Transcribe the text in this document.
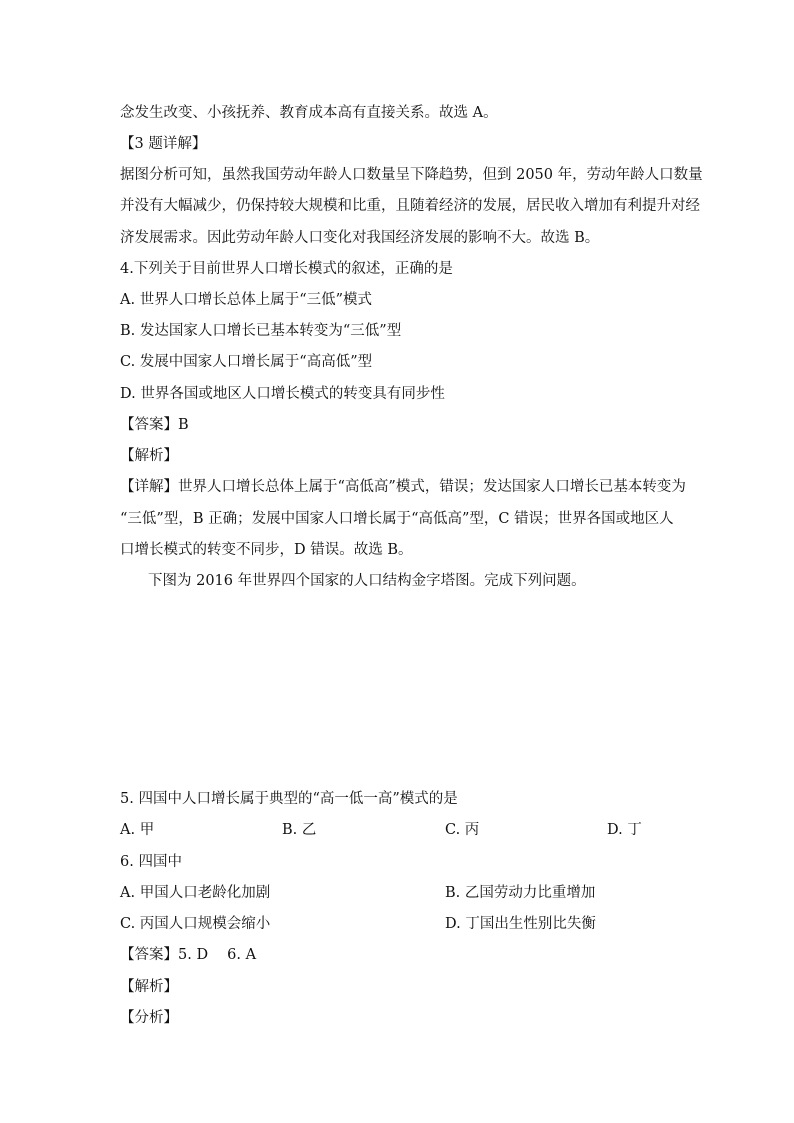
念发生改变、小孩抚养、教育成本高有直接关系。故选 A。
【3 题详解】
据图分析可知，虽然我国劳动年龄人口数量呈下降趋势，但到 2050 年，劳动年龄人口数量
并没有大幅减少，仍保持较大规模和比重，且随着经济的发展，居民收入增加有利提升对经
济发展需求。因此劳动年龄人口变化对我国经济发展的影响不大。故选 B。
4.下列关于目前世界人口增长模式的叙述，正确的是
A. 世界人口增长总体上属于“三低”模式
B. 发达国家人口增长已基本转变为“三低”型
C. 发展中国家人口增长属于“高高低”型
D. 世界各国或地区人口增长模式的转变具有同步性
【答案】B
【解析】
【详解】世界人口增长总体上属于“高低高”模式，错误；发达国家人口增长已基本转变为
“三低”型，B 正确；发展中国家人口增长属于“高低高”型，C 错误；世界各国或地区人
口增长模式的转变不同步，D 错误。故选 B。
下图为 2016 年世界四个国家的人口结构金字塔图。完成下列问题。
5. 四国中人口增长属于典型的“高一低一高”模式的是
A. 甲	B. 乙	C. 丙	D. 丁
6. 四国中
A. 甲国人口老龄化加剧	B. 乙国劳动力比重增加
C. 丙国人口规模会缩小	D. 丁国出生性别比失衡
【答案】5. D　 6. A
【解析】
【分析】
